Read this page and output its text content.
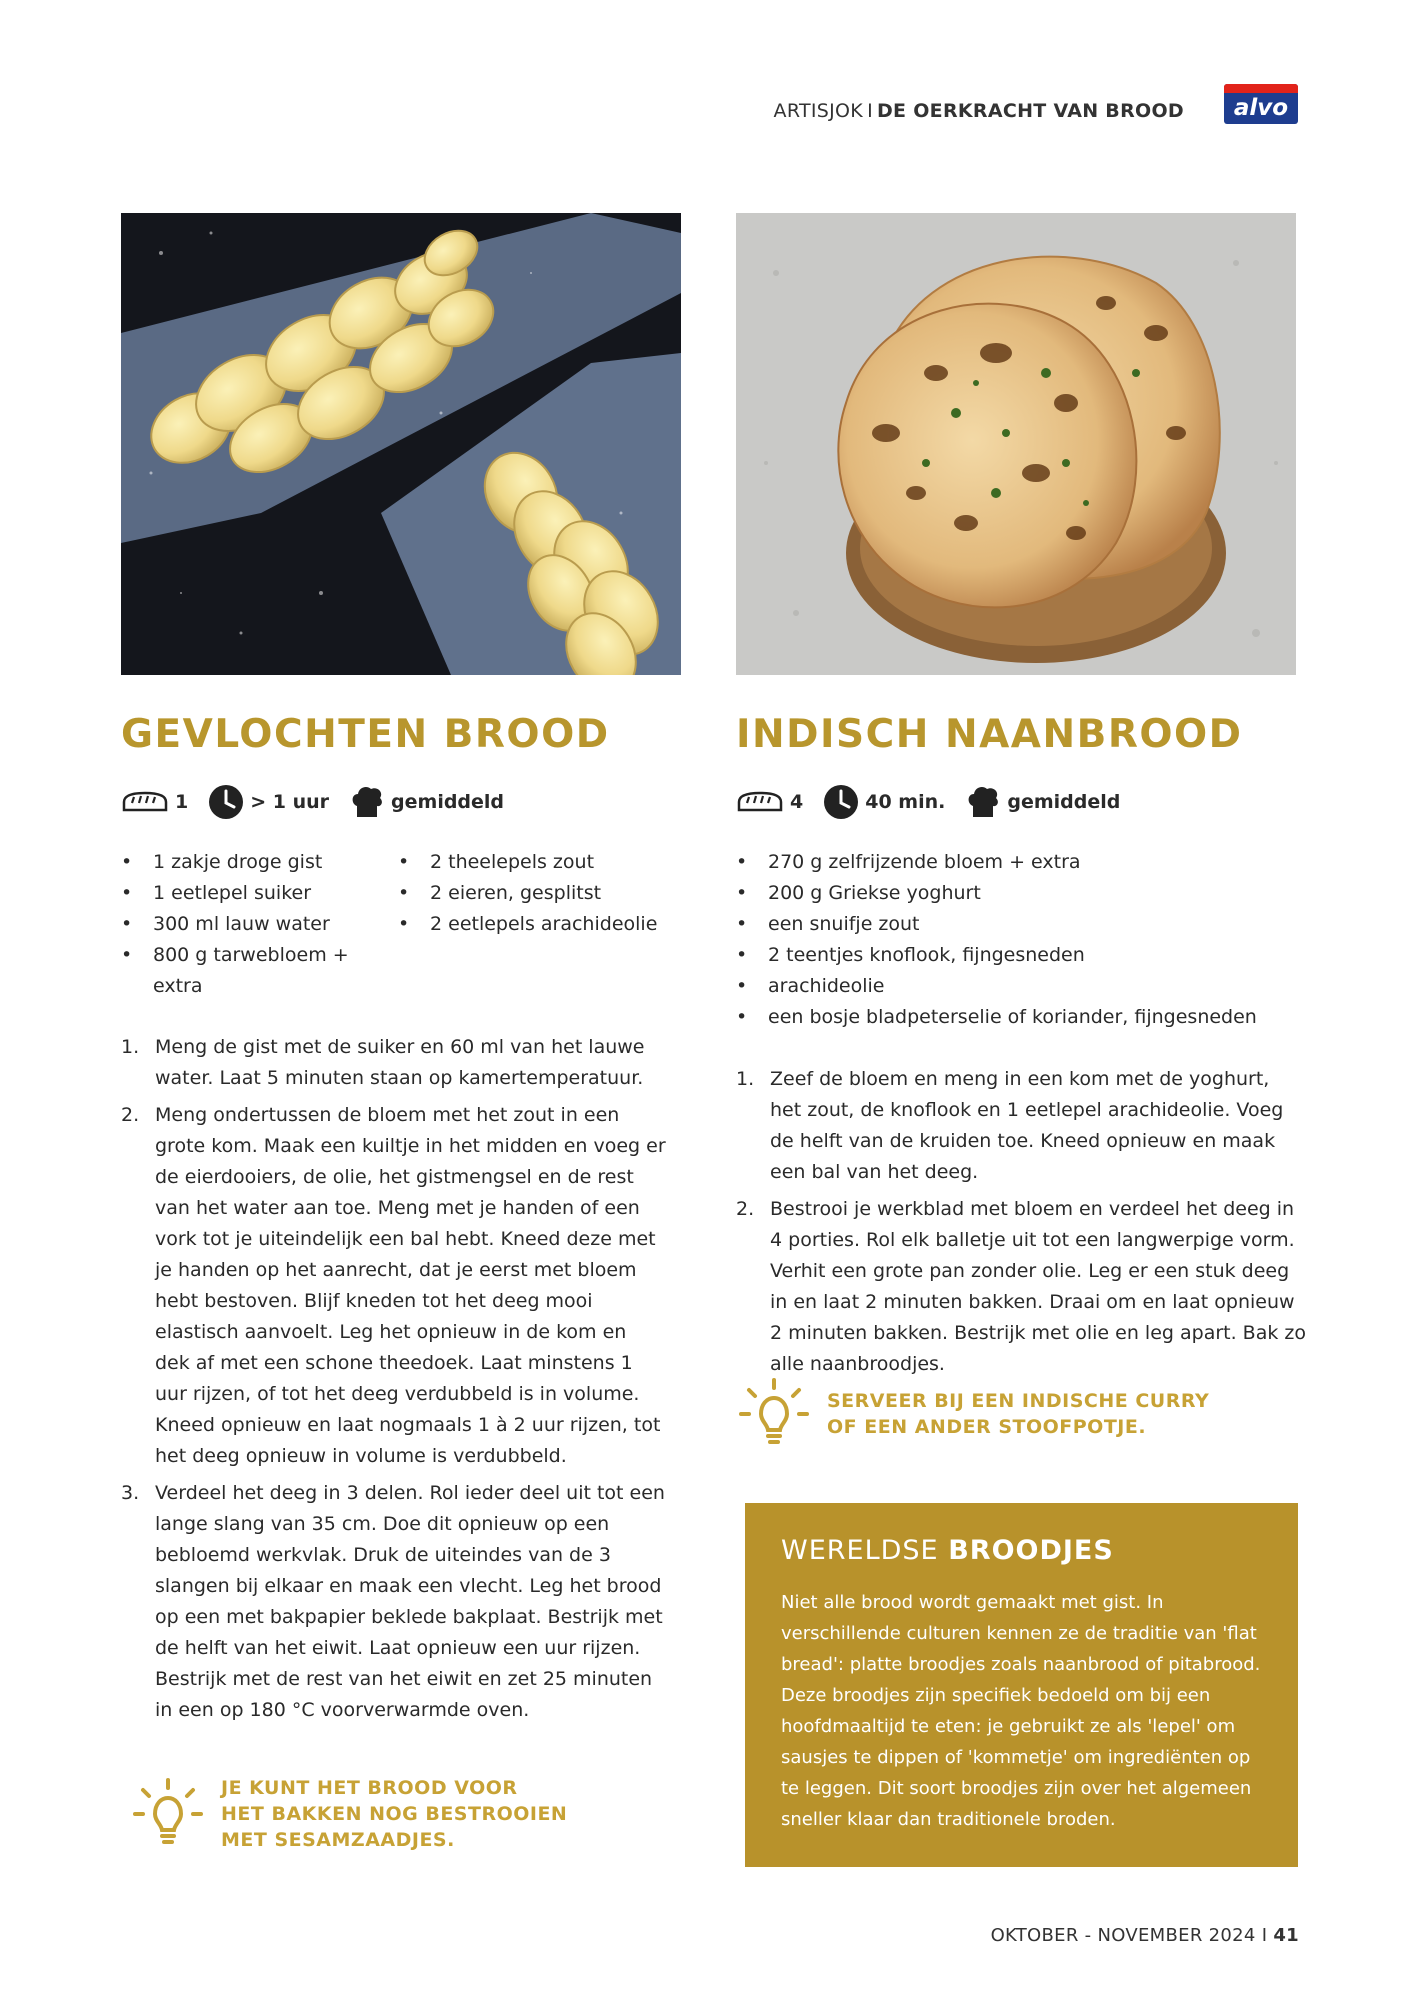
ARTISJOK I DE OERKRACHT VAN BROOD	alvo
GEVLOCHTEN BROOD
1	> 1 uur	gemiddeld
• 1 zakje droge gist
• 1 eetlepel suiker
• 300 ml lauw water
• 800 g tarwebloem + extra
• 2 theelepels zout
• 2 eieren, gesplitst
• 2 eetlepels arachideolie
1. Meng de gist met de suiker en 60 ml van het lauwe water. Laat 5 minuten staan op kamertemperatuur.
2. Meng ondertussen de bloem met het zout in een grote kom. Maak een kuiltje in het midden en voeg er de eierdooiers, de olie, het gistmengsel en de rest van het water aan toe. Meng met je handen of een vork tot je uiteindelijk een bal hebt. Kneed deze met je handen op het aanrecht, dat je eerst met bloem hebt bestoven. Blijf kneden tot het deeg mooi elastisch aanvoelt. Leg het opnieuw in de kom en dek af met een schone theedoek. Laat minstens 1 uur rijzen, of tot het deeg verdubbeld is in volume. Kneed opnieuw en laat nogmaals 1 à 2 uur rijzen, tot het deeg opnieuw in volume is verdubbeld.
3. Verdeel het deeg in 3 delen. Rol ieder deel uit tot een lange slang van 35 cm. Doe dit opnieuw op een bebloemd werkvlak. Druk de uiteindes van de 3 slangen bij elkaar en maak een vlecht. Leg het brood op een met bakpapier beklede bakplaat. Bestrijk met de helft van het eiwit. Laat opnieuw een uur rijzen. Bestrijk met de rest van het eiwit en zet 25 minuten in een op 180 °C voorverwarmde oven.
JE KUNT HET BROOD VOOR
HET BAKKEN NOG BESTROOIEN
MET SESAMZAADJES.
INDISCH NAANBROOD
4	40 min.	gemiddeld
• 270 g zelfrijzende bloem + extra
• 200 g Griekse yoghurt
• een snuifje zout
• 2 teentjes knoflook, fijngesneden
• arachideolie
• een bosje bladpeterselie of koriander, fijngesneden
1. Zeef de bloem en meng in een kom met de yoghurt, het zout, de knoflook en 1 eetlepel arachideolie. Voeg de helft van de kruiden toe. Kneed opnieuw en maak een bal van het deeg.
2. Bestrooi je werkblad met bloem en verdeel het deeg in 4 porties. Rol elk balletje uit tot een langwerpige vorm. Verhit een grote pan zonder olie. Leg er een stuk deeg in en laat 2 minuten bakken. Draai om en laat opnieuw 2 minuten bakken. Bestrijk met olie en leg apart. Bak zo alle naanbroodjes.
SERVEER BIJ EEN INDISCHE CURRY
OF EEN ANDER STOOFPOTJE.
WERELDSE BROODJES
Niet alle brood wordt gemaakt met gist. In verschillende culturen kennen ze de traditie van 'flat bread': platte broodjes zoals naanbrood of pitabrood. Deze broodjes zijn specifiek bedoeld om bij een hoofdmaaltijd te eten: je gebruikt ze als 'lepel' om sausjes te dippen of 'kommetje' om ingrediënten op te leggen. Dit soort broodjes zijn over het algemeen sneller klaar dan traditionele broden.
OKTOBER - NOVEMBER 2024 I 41
